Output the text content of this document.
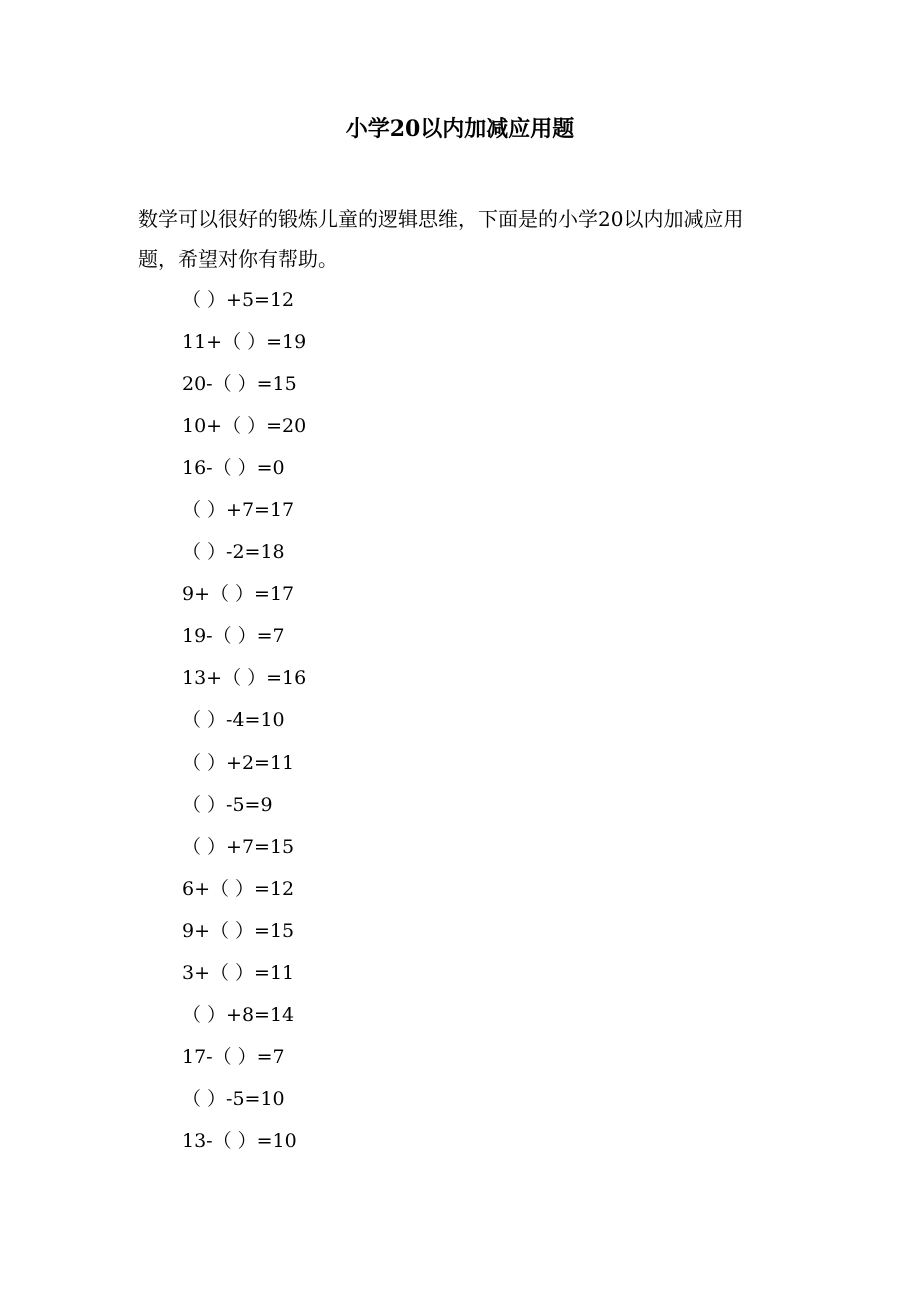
小学20以内加减应用题

数学可以很好的锻炼儿童的逻辑思维，下面是的小学20以内加减应用题，希望对你有帮助。

（ ）+5=12
11+（ ）=19
20-（ ）=15
10+（ ）=20
16-（ ）=0
（ ）+7=17
（ ）-2=18
9+（ ）=17
19-（ ）=7
13+（ ）=16
（ ）-4=10
（ ）+2=11
（ ）-5=9
（ ）+7=15
6+（ ）=12
9+（ ）=15
3+（ ）=11
（ ）+8=14
17-（ ）=7
（ ）-5=10
13-（ ）=10
